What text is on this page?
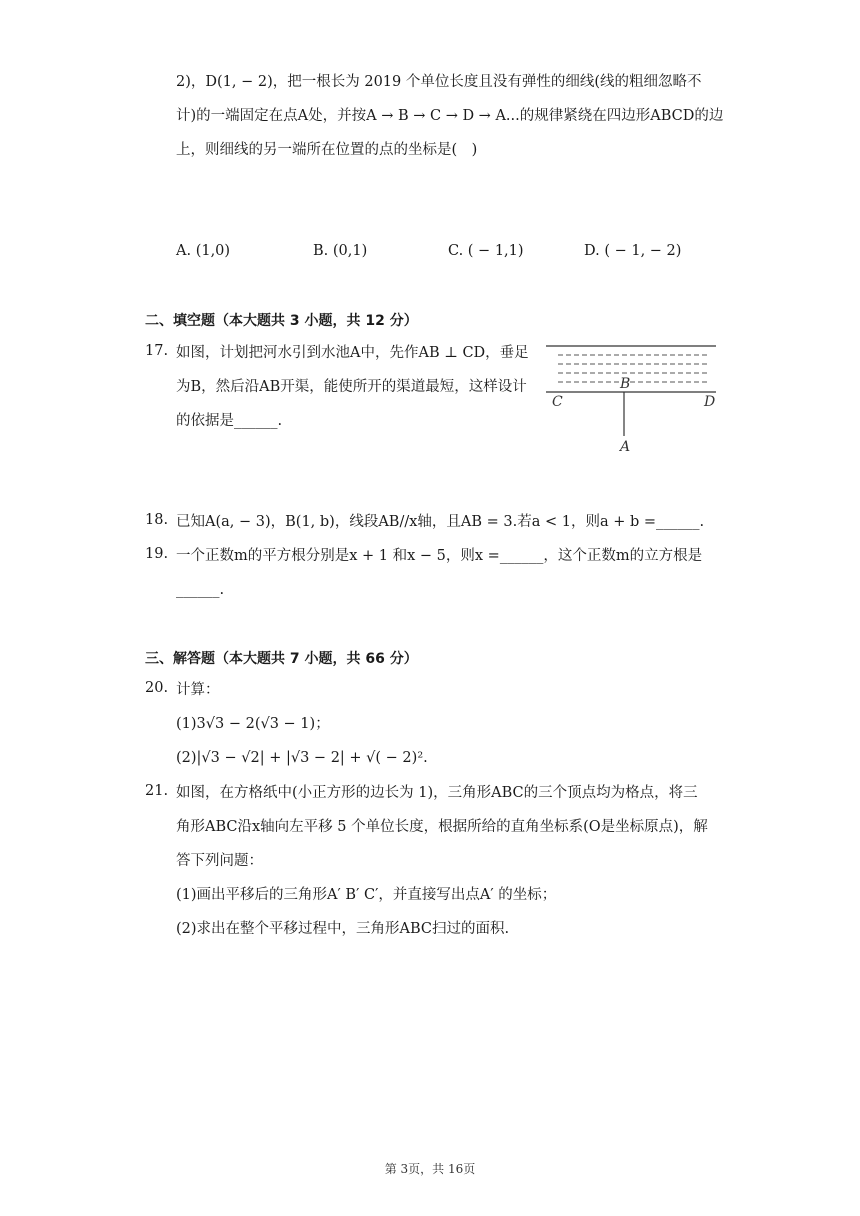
2)，D(1, − 2)，把一根长为 2019 个单位长度且没有弹性的细线(线的粗细忽略不
计)的一端固定在点A处，并按A → B → C → D → A...的规律紧绕在四边形ABCD的边
上，则细线的另一端所在位置的点的坐标是(　)
A. (1,0)	B. (0,1)	C. ( − 1,1)	D. ( − 1, − 2)
二、填空题（本大题共 3 小题，共 12 分）
17. 如图，计划把河水引到水池A中，先作AB ⊥ CD，垂足
为B，然后沿AB开渠，能使所开的渠道最短，这样设计
的依据是______.
B
C	D
A
18. 已知A(a, − 3)，B(1, b)，线段AB//x轴，且AB = 3.若a < 1，则a + b =______.
19. 一个正数m的平方根分别是x + 1 和x − 5，则x =______，这个正数m的立方根是
______.
三、解答题（本大题共 7 小题，共 66 分）
20. 计算：
(1)3√3 − 2(√3 − 1)；
(2)|√3 − √2| + |√3 − 2| + √( − 2)².
21. 如图，在方格纸中(小正方形的边长为 1)，三角形ABC的三个顶点均为格点，将三
角形ABC沿x轴向左平移 5 个单位长度，根据所给的直角坐标系(O是坐标原点)，解
答下列问题：
(1)画出平移后的三角形A′ B′ C′，并直接写出点A′ 的坐标；
(2)求出在整个平移过程中，三角形ABC扫过的面积.
第 3页，共 16页
